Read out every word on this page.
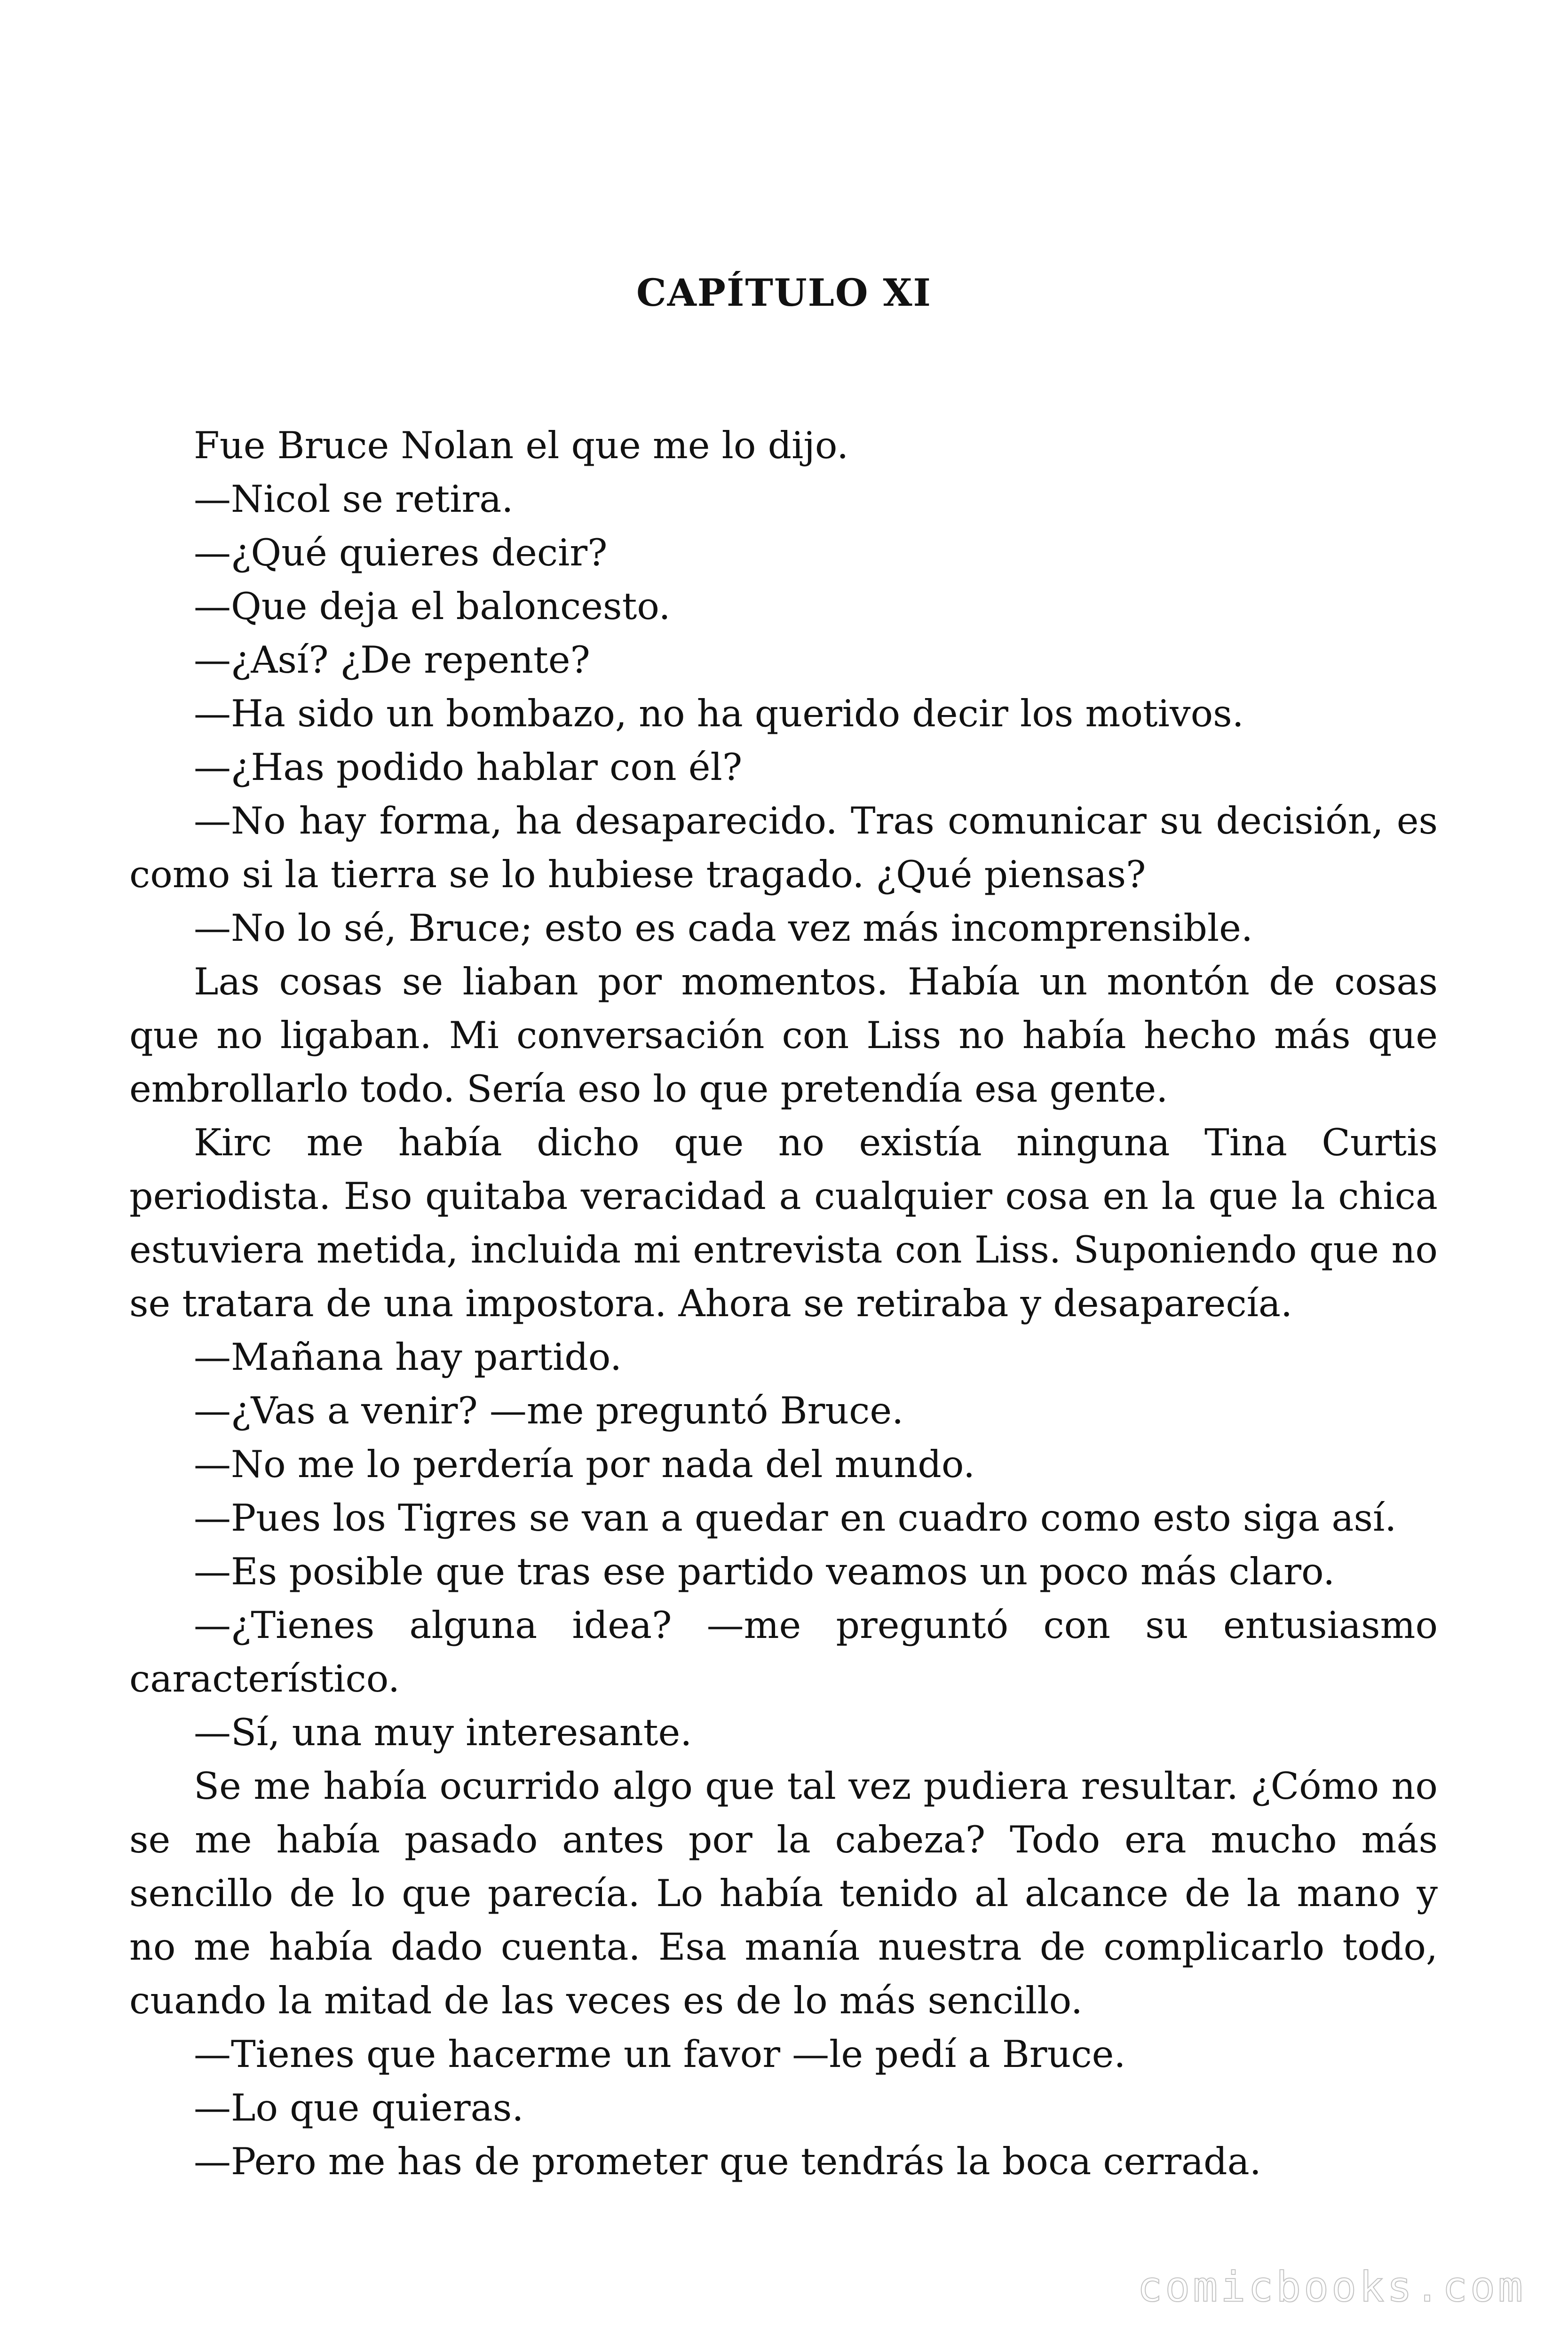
CAPÍTULO XI

Fue Bruce Nolan el que me lo dijo.

—Nicol se retira.

—¿Qué quieres decir?

—Que deja el baloncesto.

—¿Así? ¿De repente?

—Ha sido un bombazo, no ha querido decir los motivos.

—¿Has podido hablar con él?

—No hay forma, ha desaparecido. Tras comunicar su decisión, es como si la tierra se lo hubiese tragado. ¿Qué piensas?

—No lo sé, Bruce; esto es cada vez más incomprensible.

Las cosas se liaban por momentos. Había un montón de cosas que no ligaban. Mi conversación con Liss no había hecho más que embrollarlo todo. Sería eso lo que pretendía esa gente.

Kirc me había dicho que no existía ninguna Tina Curtis periodista. Eso quitaba veracidad a cualquier cosa en la que la chica estuviera metida, incluida mi entrevista con Liss. Suponiendo que no se tratara de una impostora. Ahora se retiraba y desaparecía.

—Mañana hay partido.

—¿Vas a venir? —me preguntó Bruce.

—No me lo perdería por nada del mundo.

—Pues los Tigres se van a quedar en cuadro como esto siga así.

—Es posible que tras ese partido veamos un poco más claro.

—¿Tienes alguna idea? —me preguntó con su entusiasmo característico.

—Sí, una muy interesante.

Se me había ocurrido algo que tal vez pudiera resultar. ¿Cómo no se me había pasado antes por la cabeza? Todo era mucho más sencillo de lo que parecía. Lo había tenido al alcance de la mano y no me había dado cuenta. Esa manía nuestra de complicarlo todo, cuando la mitad de las veces es de lo más sencillo.

—Tienes que hacerme un favor —le pedí a Bruce.

—Lo que quieras.

—Pero me has de prometer que tendrás la boca cerrada.

comicbooks.com
